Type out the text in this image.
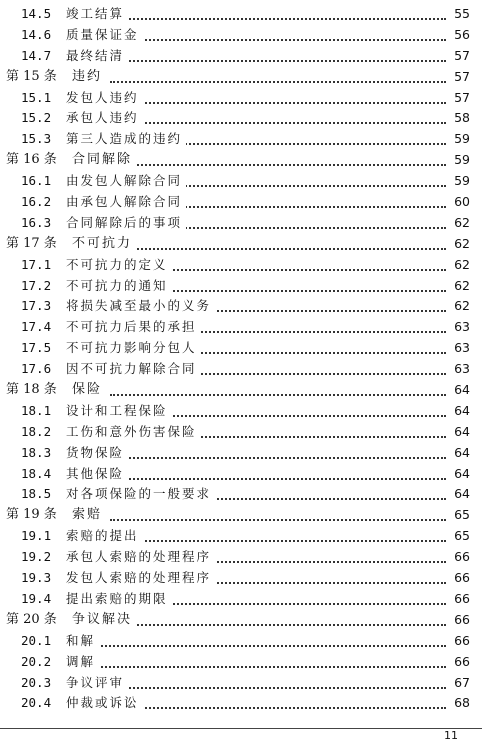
14.5 竣工结算	55
14.6 质量保证金	56
14.7 最终结清	57
第 15 条 违约	57
15.1 发包人违约	57
15.2 承包人违约	58
15.3 第三人造成的违约	59
第 16 条 合同解除	59
16.1 由发包人解除合同	59
16.2 由承包人解除合同	60
16.3 合同解除后的事项	62
第 17 条 不可抗力	62
17.1 不可抗力的定义	62
17.2 不可抗力的通知	62
17.3 将损失减至最小的义务	62
17.4 不可抗力后果的承担	63
17.5 不可抗力影响分包人	63
17.6 因不可抗力解除合同	63
第 18 条 保险	64
18.1 设计和工程保险	64
18.2 工伤和意外伤害保险	64
18.3 货物保险	64
18.4 其他保险	64
18.5 对各项保险的一般要求	64
第 19 条 索赔	65
19.1 索赔的提出	65
19.2 承包人索赔的处理程序	66
19.3 发包人索赔的处理程序	66
19.4 提出索赔的期限	66
第 20 条 争议解决	66
20.1 和解	66
20.2 调解	66
20.3 争议评审	67
20.4 仲裁或诉讼	68
11
